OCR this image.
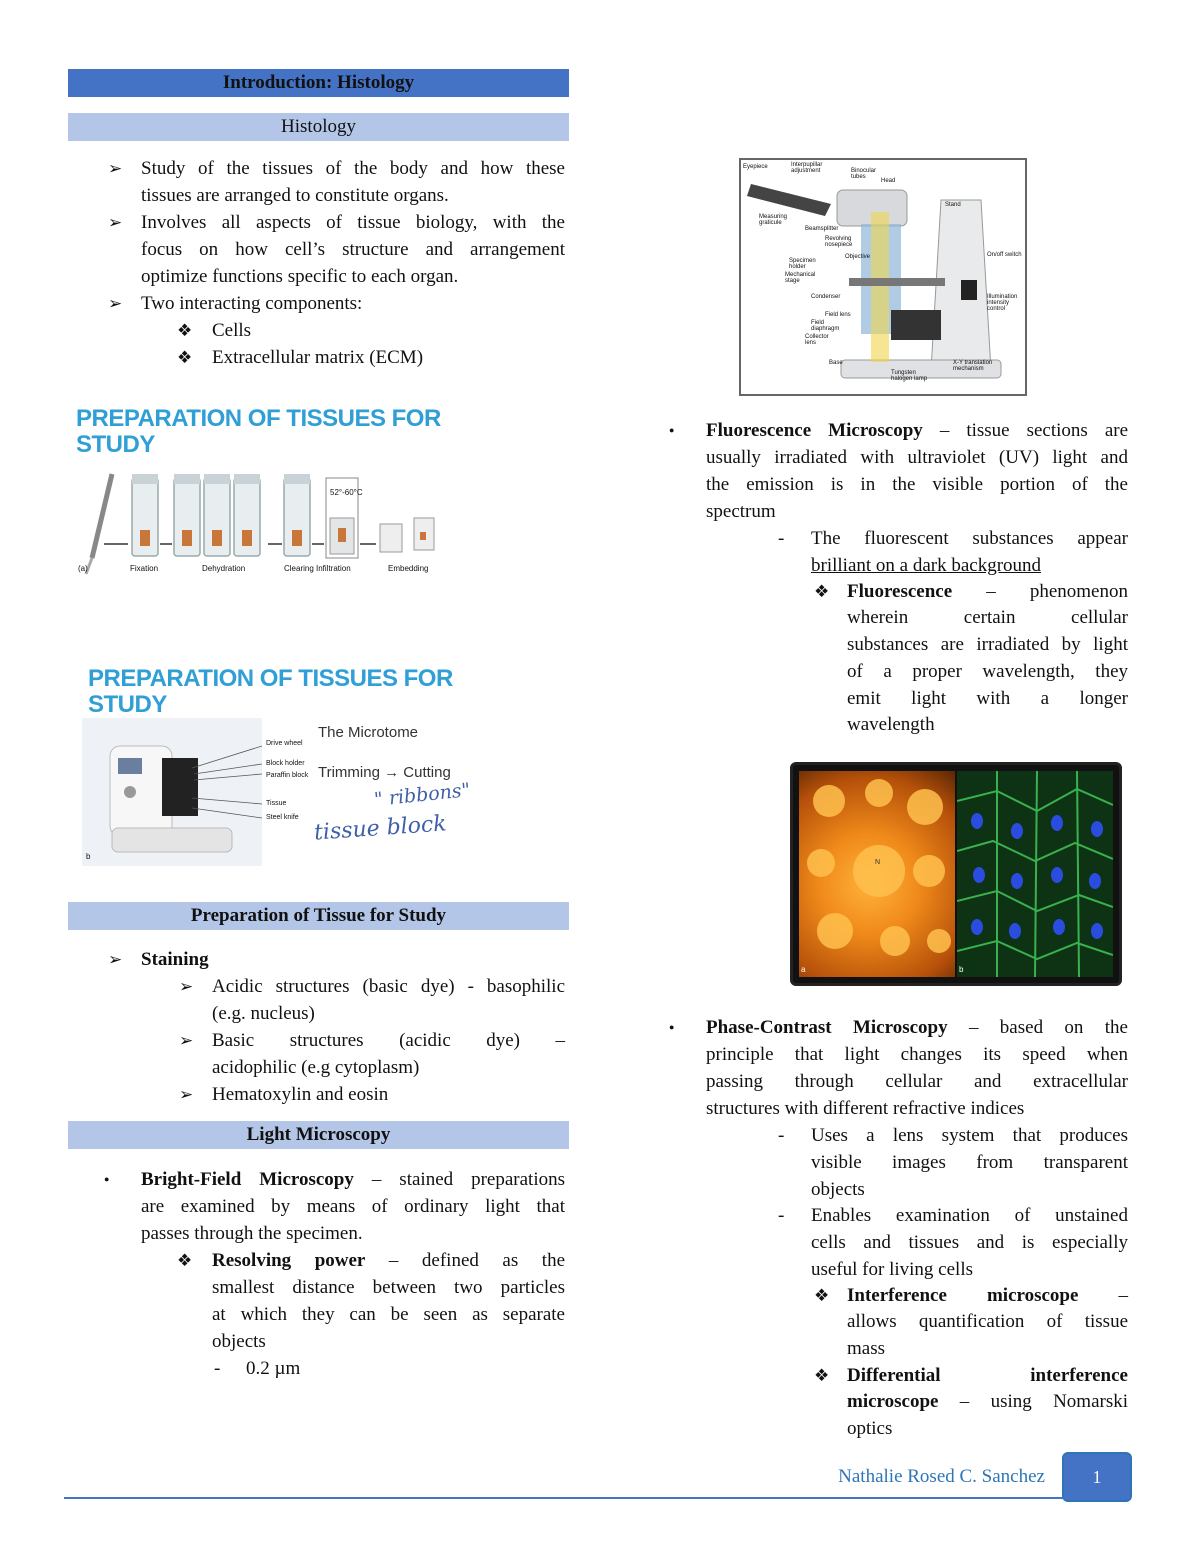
Introduction: Histology
Histology
➢ Study of the tissues of the body and how these
tissues are arranged to constitute organs.
➢ Involves all aspects of tissue biology, with the
focus on how cell’s structure and arrangement
optimize functions specific to each organ.
➢ Two interacting components:
❖ Cells
❖ Extracellular matrix (ECM)
PREPARATION OF TISSUES FOR
STUDY
(a)	Fixation	Dehydration	Clearing Infiltration	Embedding
52°-60°C
PREPARATION OF TISSUES FOR
STUDY
b
Drive wheel
Block holder
Paraffin block
Tissue
Steel knife
The Microtome
Trimming → Cutting
" ribbons"
tissue block
Preparation of Tissue for Study
➢ Staining
➢ Acidic structures (basic dye) - basophilic
(e.g. nucleus)
➢ Basic structures (acidic dye) –
acidophilic (e.g cytoplasm)
➢ Hematoxylin and eosin
Light Microscopy
● Bright-Field Microscopy – stained preparations
are examined by means of ordinary light that
passes through the specimen.
❖ Resolving power – defined as the
smallest distance between two particles
at which they can be seen as separate
objects
- 0.2 µm
Eyepiece	Interpupillar adjustment	Binocular tubes
Head
Measuring graticule
Beamsplitter
Revolving nosepiece
Objective
Specimen holder
Mechanical stage
Stand
Condenser
On/off switch
Illumination intensity control
Field lens
Field diaphragm
Collector lens
Base
Tungsten halogen lamp
X-Y translation mechanism
● Fluorescence Microscopy – tissue sections are
usually irradiated with ultraviolet (UV) light and
the emission is in the visible portion of the
spectrum
- The fluorescent substances appear
brilliant on a dark background
❖ Fluorescence – phenomenon
wherein certain cellular
substances are irradiated by light
of a proper wavelength, they
emit light with a longer
wavelength
N
a	b
● Phase-Contrast Microscopy – based on the
principle that light changes its speed when
passing through cellular and extracellular
structures with different refractive indices
- Uses a lens system that produces
visible images from transparent
objects
- Enables examination of unstained
cells and tissues and is especially
useful for living cells
❖ Interference microscope –
allows quantification of tissue
mass
❖ Differential	interference
microscope – using Nomarski
optics
Nathalie Rosed C. Sanchez	1
